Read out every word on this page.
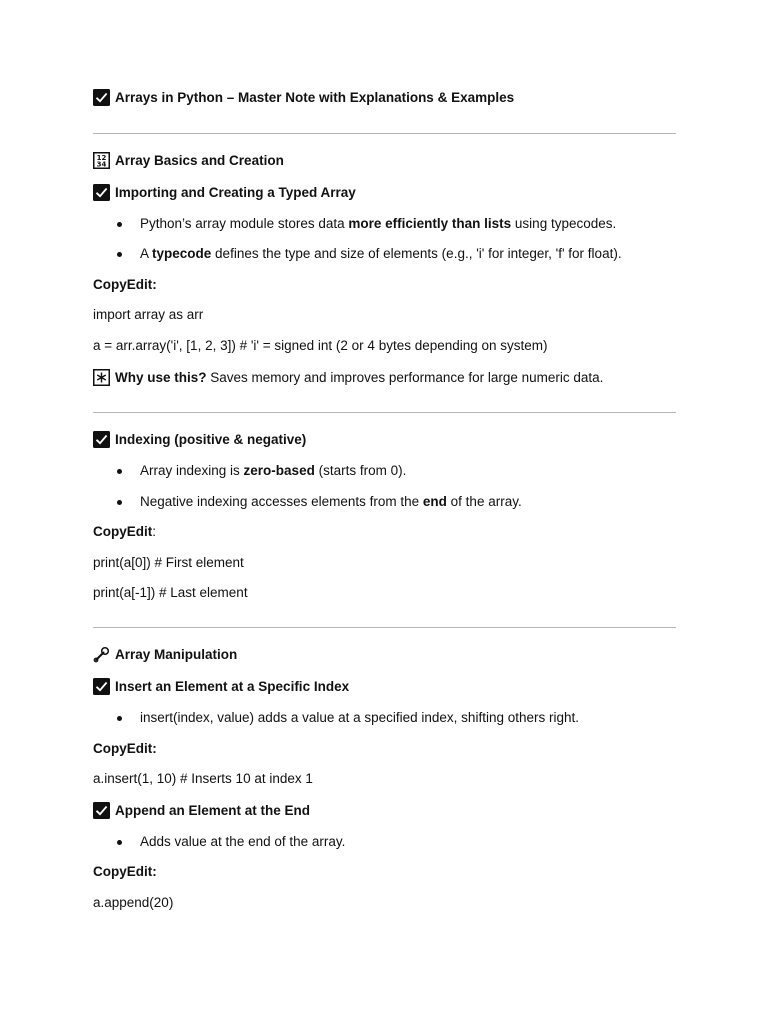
Arrays in Python – Master Note with Explanations & Examples
12
34 Array Basics and Creation
Importing and Creating a Typed Array
Python’s array module stores data more efficiently than lists using typecodes.
A typecode defines the type and size of elements (e.g., 'i' for integer, 'f' for float).
CopyEdit:
import array as arr
a = arr.array('i', [1, 2, 3]) # 'i' = signed int (2 or 4 bytes depending on system)
Why use this? Saves memory and improves performance for large numeric data.
Indexing (positive & negative)
Array indexing is zero-based (starts from 0).
Negative indexing accesses elements from the end of the array.
CopyEdit:
print(a[0]) # First element
print(a[-1]) # Last element
Array Manipulation
Insert an Element at a Specific Index
insert(index, value) adds a value at a specified index, shifting others right.
CopyEdit:
a.insert(1, 10) # Inserts 10 at index 1
Append an Element at the End
Adds value at the end of the array.
CopyEdit:
a.append(20)
